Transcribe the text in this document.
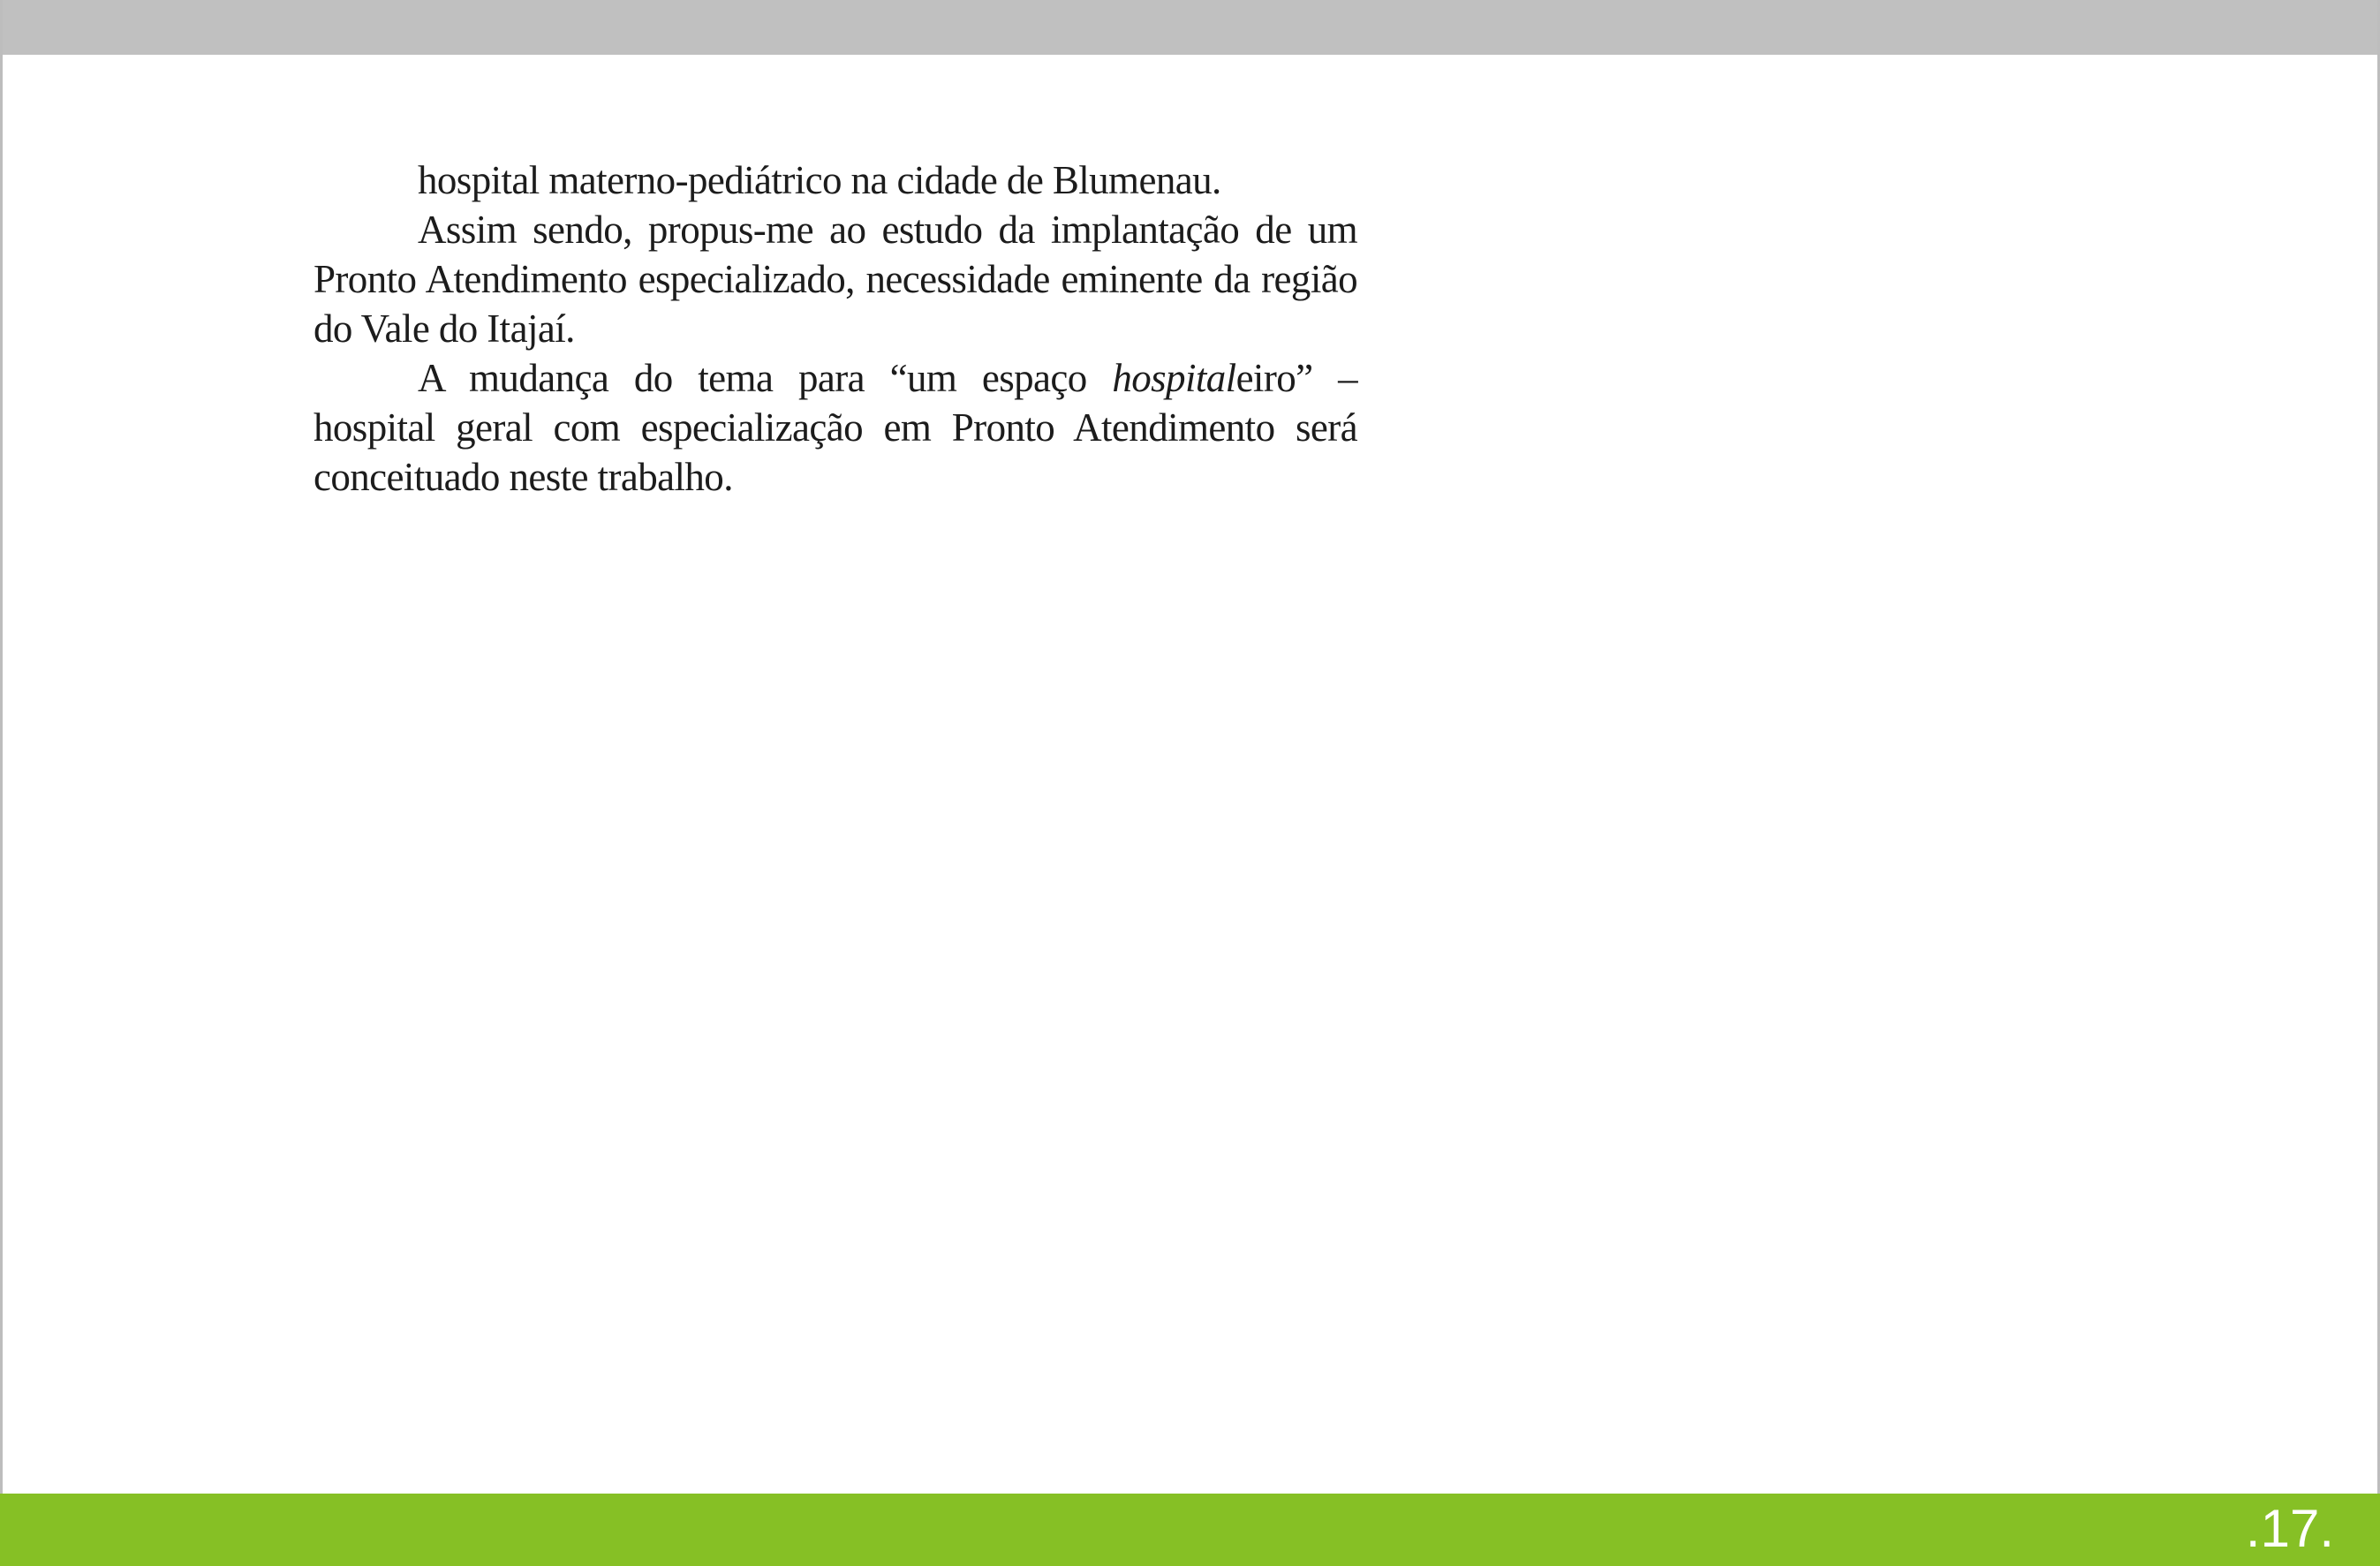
hospital materno-pediátrico na cidade de Blumenau.

Assim sendo, propus-me ao estudo da implantação de um Pronto Atendimento especializado, necessidade eminente da região do Vale do Itajaí.

A mudança do tema para “um espaço hospitaleiro” – hospital geral com especialização em Pronto Atendimento será conceituado neste trabalho.

.17.
